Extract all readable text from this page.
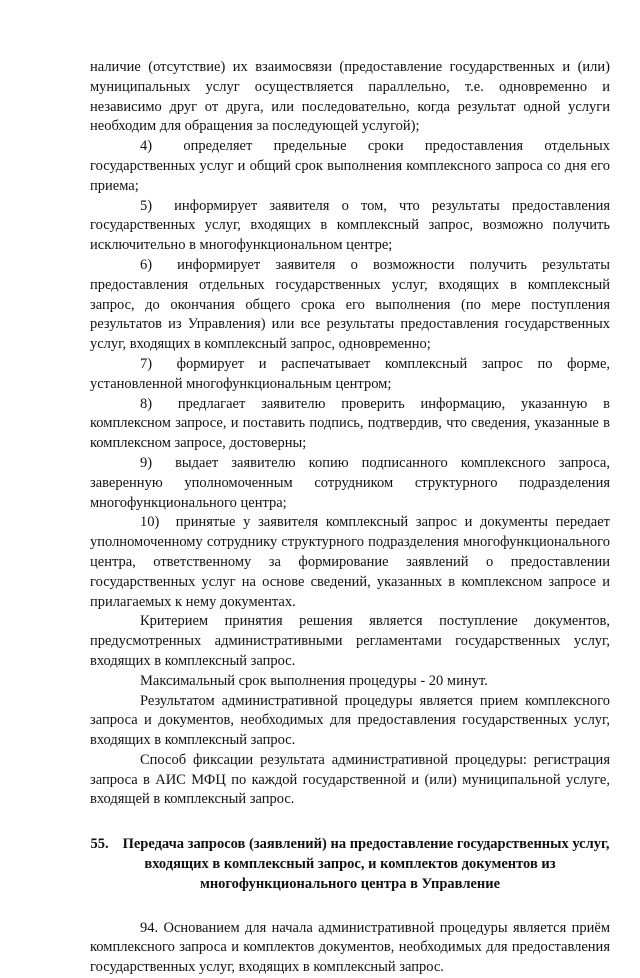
наличие (отсутствие) их взаимосвязи (предоставление государственных и (или) муниципальных услуг осуществляется параллельно, т.е. одновременно и независимо друг от друга, или последовательно, когда результат одной услуги необходим для обращения за последующей услугой);

4) определяет предельные сроки предоставления отдельных государственных услуг и общий срок выполнения комплексного запроса со дня его приема;

5) информирует заявителя о том, что результаты предоставления государственных услуг, входящих в комплексный запрос, возможно получить исключительно в многофункциональном центре;

6) информирует заявителя о возможности получить результаты предоставления отдельных государственных услуг, входящих в комплексный запрос, до окончания общего срока его выполнения (по мере поступления результатов из Управления) или все результаты предоставления государственных услуг, входящих в комплексный запрос, одновременно;

7) формирует и распечатывает комплексный запрос по форме, установленной многофункциональным центром;

8) предлагает заявителю проверить информацию, указанную в комплексном запросе, и поставить подпись, подтвердив, что сведения, указанные в комплексном запросе, достоверны;

9) выдает заявителю копию подписанного комплексного запроса, заверенную уполномоченным сотрудником структурного подразделения многофункционального центра;

10) принятые у заявителя комплексный запрос и документы передает уполномоченному сотруднику структурного подразделения многофункционального центра, ответственному за формирование заявлений о предоставлении государственных услуг на основе сведений, указанных в комплексном запросе и прилагаемых к нему документах.

Критерием принятия решения является поступление документов, предусмотренных административными регламентами государственных услуг, входящих в комплексный запрос.

Максимальный срок выполнения процедуры - 20 минут.

Результатом административной процедуры является прием комплексного запроса и документов, необходимых для предоставления государственных услуг, входящих в комплексный запрос.

Способ фиксации результата административной процедуры: регистрация запроса в АИС МФЦ по каждой государственной и (или) муниципальной услуге, входящей в комплексный запрос.

55. Передача запросов (заявлений) на предоставление государственных услуг, входящих в комплексный запрос, и комплектов документов из многофункционального центра в Управление

94. Основанием для начала административной процедуры является приём комплексного запроса и комплектов документов, необходимых для предоставления государственных услуг, входящих в комплексный запрос.
